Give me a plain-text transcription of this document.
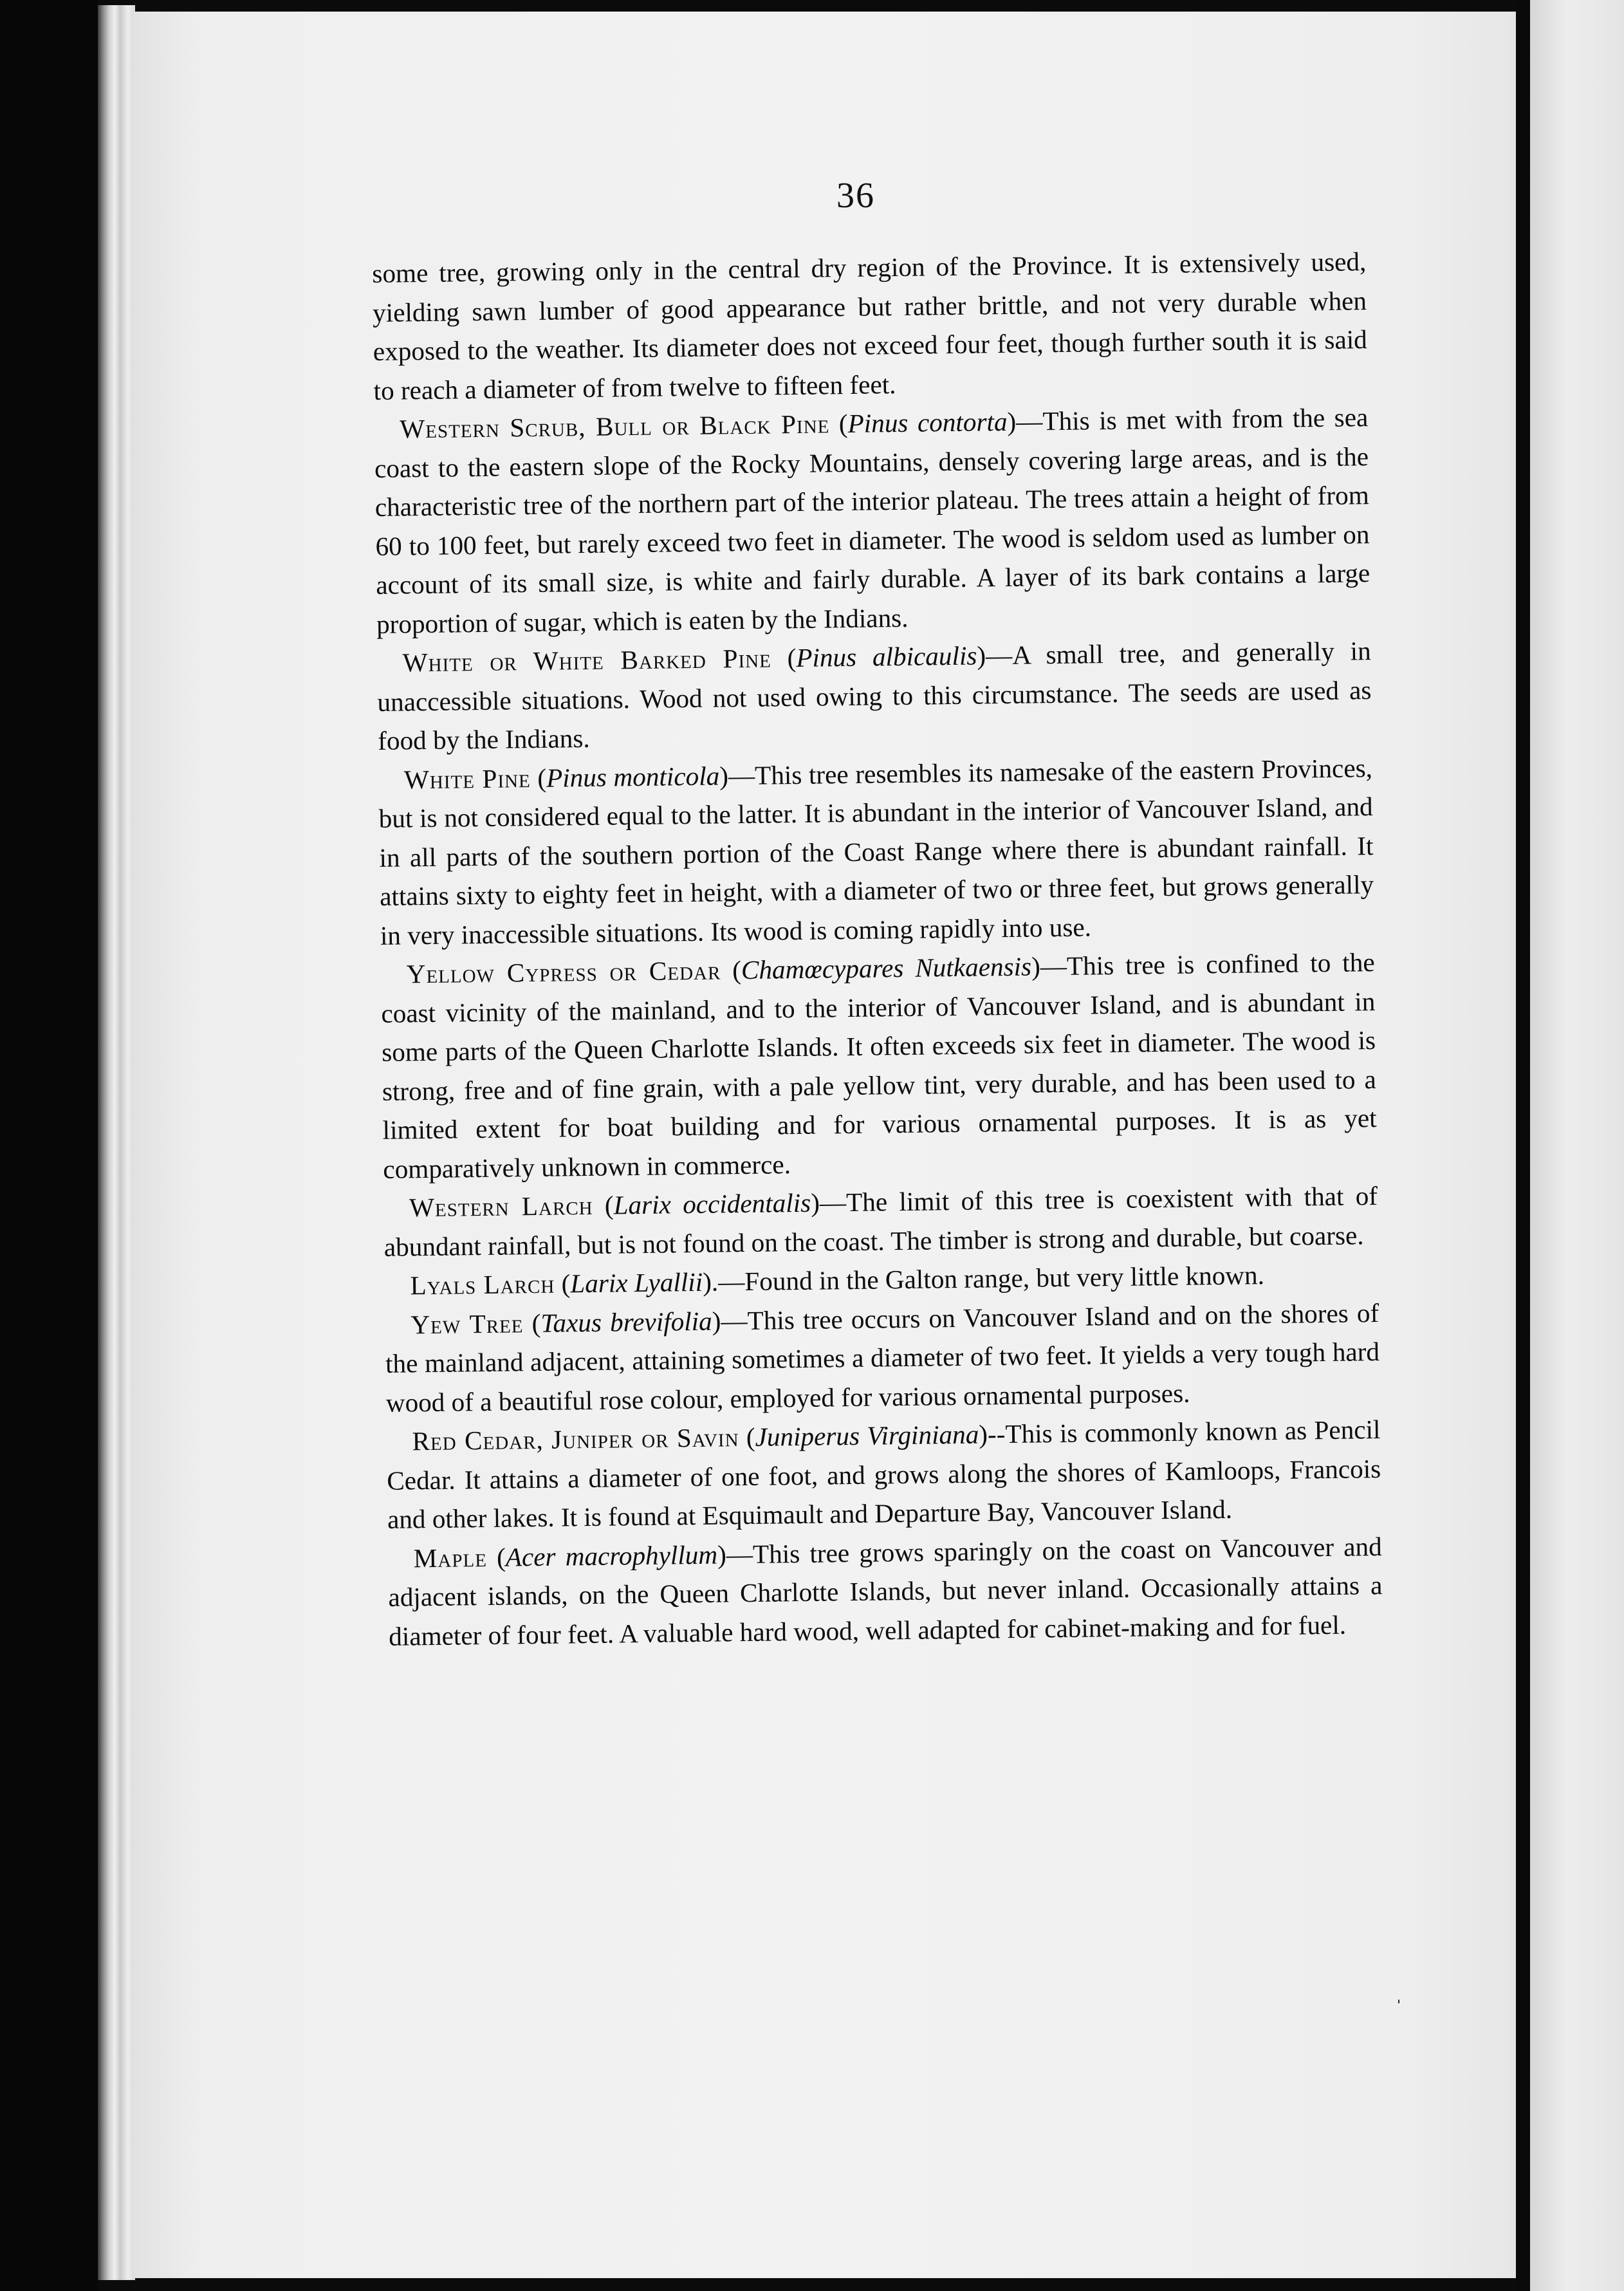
36

some tree, growing only in the central dry region of the Province. It is extensively used, yielding sawn lumber of good appearance but rather brittle, and not very durable when exposed to the weather. Its diameter does not exceed four feet, though further south it is said to reach a diameter of from twelve to fifteen feet.

Western Scrub, Bull or Black Pine (Pinus contorta)—This is met with from the sea coast to the eastern slope of the Rocky Mountains, densely covering large areas, and is the characteristic tree of the northern part of the interior plateau. The trees attain a height of from 60 to 100 feet, but rarely exceed two feet in diameter. The wood is seldom used as lumber on account of its small size, is white and fairly durable. A layer of its bark contains a large proportion of sugar, which is eaten by the Indians.

White or White Barked Pine (Pinus albicaulis)—A small tree, and generally in unaccessible situations. Wood not used owing to this circumstance. The seeds are used as food by the Indians.

White Pine (Pinus monticola)—This tree resembles its namesake of the eastern Provinces, but is not considered equal to the latter. It is abundant in the interior of Vancouver Island, and in all parts of the southern portion of the Coast Range where there is abundant rainfall. It attains sixty to eighty feet in height, with a diameter of two or three feet, but grows generally in very inaccessible situations. Its wood is coming rapidly into use.

Yellow Cypress or Cedar (Chamœcypares Nutkaensis)—This tree is confined to the coast vicinity of the mainland, and to the interior of Vancouver Island, and is abundant in some parts of the Queen Charlotte Islands. It often exceeds six feet in diameter. The wood is strong, free and of fine grain, with a pale yellow tint, very durable, and has been used to a limited extent for boat building and for various ornamental purposes. It is as yet comparatively unknown in commerce.

Western Larch (Larix occidentalis)—The limit of this tree is coexistent with that of abundant rainfall, but is not found on the coast. The timber is strong and durable, but coarse.

Lyals Larch (Larix Lyallii).—Found in the Galton range, but very little known.

Yew Tree (Taxus brevifolia)—This tree occurs on Vancouver Island and on the shores of the mainland adjacent, attaining sometimes a diameter of two feet. It yields a very tough hard wood of a beautiful rose colour, employed for various ornamental purposes.

Red Cedar, Juniper or Savin (Juniperus Virginiana)--This is commonly known as Pencil Cedar. It attains a diameter of one foot, and grows along the shores of Kamloops, Francois and other lakes. It is found at Esquimault and Departure Bay, Vancouver Island.

Maple (Acer macrophyllum)—This tree grows sparingly on the coast on Vancouver and adjacent islands, on the Queen Charlotte Islands, but never inland. Occasionally attains a diameter of four feet. A valuable hard wood, well adapted for cabinet-making and for fuel.

ˌ
